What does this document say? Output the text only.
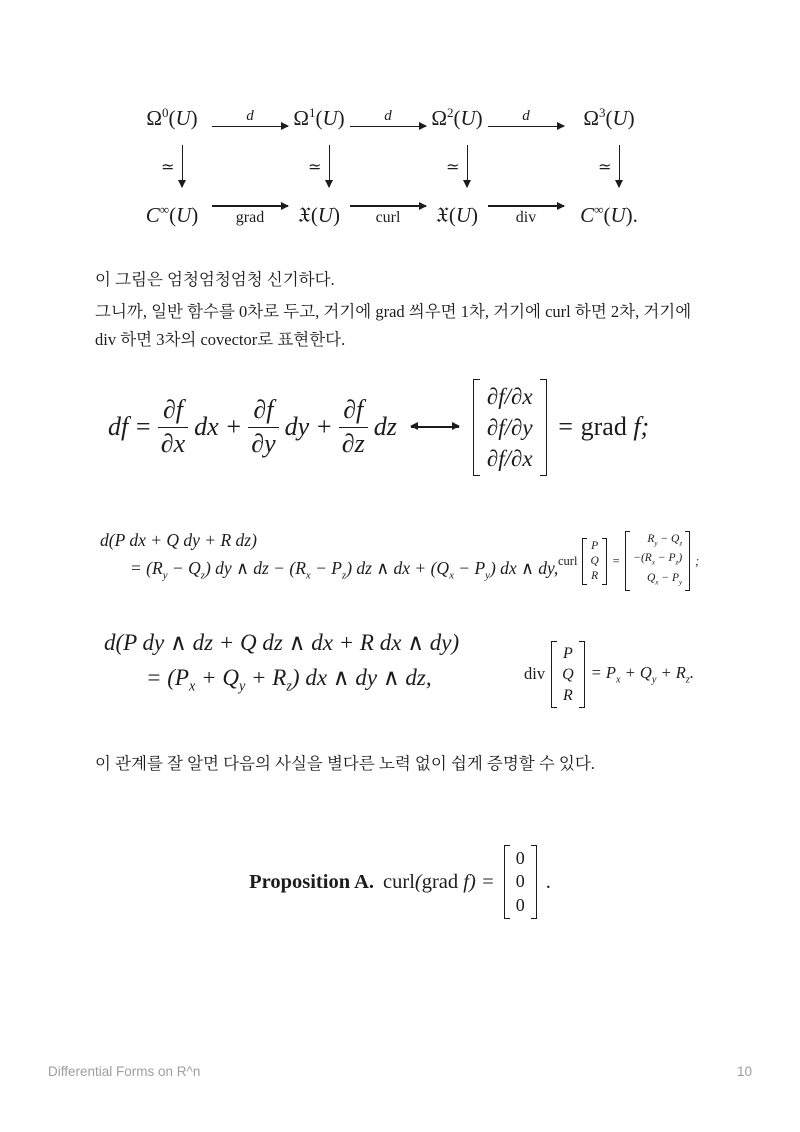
$\Omega^0(U)$	d $\Omega^1(U)$	d $\Omega^2(U)$	d	$\Omega^3(U)$
≃	≃	≃	≃
C∞(U) grad 𝔛(U) curl 𝔛(U) div C∞(U).
이 그림은 엄청엄청엄청 신기하다.
그니까, 일반 함수를 0차로 두고, 거기에 grad 씌우면 1차, 거기에 curl 하면 2차, 거기에
div 하면 3차의 covector로 표현한다.
이 관계를 잘 알면 다음의 사실을 별다른 노력 없이 쉽게 증명할 수 있다.
df = $\frac{\partial f}{\partial x}$ dx + $\frac{\partial f}{\partial y}$ dy + $\frac{\partial f}{\partial z}$ dz
∂f/∂x
∂f/∂y
∂f/∂x
= grad f;
d(P dx + Q dy + R dz)
= $(R_y - Q_z)$ dy ∧ dz − $(R_x - P_z)$ dz ∧ dx + $(Q_x - P_y)$ dx ∧ dy, curl
P
Q
R
=
$R_y - Q_z$
$-(R_x - P_z)$
$Q_x - P_y$
;
d(P dy ∧ dz + Q dz ∧ dx + R dx ∧ dy)
= $(P_x + Q_y + R_z)$ dx ∧ dy ∧ dz,	div
P
Q
R
= $P_x + Q_y + R_z$.
Proposition A. curl(grad f) =
0
0
0
.
Differential Forms on R^n	10
